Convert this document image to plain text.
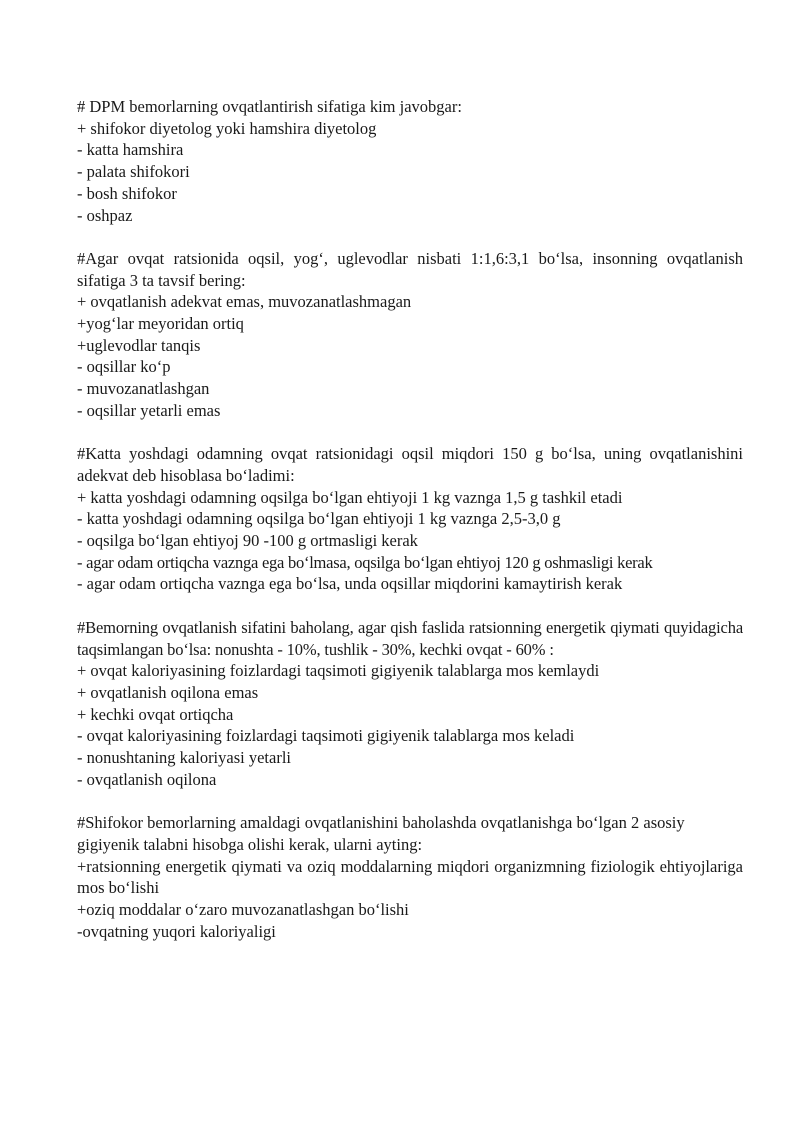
# DPM bemorlarning ovqatlantirish sifatiga kim javobgar:
+ shifokor diyetolog yoki hamshira diyetolog
- katta hamshira
- palata shifokori
- bosh shifokor
- oshpaz
#Agar ovqat ratsionida oqsil, yog‘, uglevodlar nisbati 1:1,6:3,1 bo‘lsa, insonning ovqatlanish sifatiga 3 ta tavsif bering:
+ ovqatlanish adekvat emas, muvozanatlashmagan
+yog‘lar meyoridan ortiq
+uglevodlar tanqis
- oqsillar ko‘p
- muvozanatlashgan
- oqsillar yetarli emas
#Katta yoshdagi odamning ovqat ratsionidagi oqsil miqdori 150 g bo‘lsa, uning ovqatlanishini adekvat deb hisoblasa bo‘ladimi:
+ katta yoshdagi odamning oqsilga bo‘lgan ehtiyoji 1 kg vaznga 1,5 g tashkil etadi
- katta yoshdagi odamning oqsilga bo‘lgan ehtiyoji 1 kg vaznga 2,5-3,0 g
- oqsilga bo‘lgan ehtiyoj 90 -100 g ortmasligi kerak
- agar odam ortiqcha vaznga ega bo‘lmasa, oqsilga bo‘lgan ehtiyoj 120 g oshmasligi kerak
- agar odam ortiqcha vaznga ega bo‘lsa, unda oqsillar miqdorini kamaytirish kerak
#Bemorning ovqatlanish sifatini baholang, agar qish faslida ratsionning energetik qiymati quyidagicha taqsimlangan bo‘lsa: nonushta - 10%, tushlik - 30%, kechki ovqat - 60% :
+ ovqat kaloriyasining foizlardagi taqsimoti gigiyenik talablarga mos kemlaydi
+ ovqatlanish oqilona emas
+ kechki ovqat ortiqcha
- ovqat kaloriyasining foizlardagi taqsimoti gigiyenik talablarga mos keladi
- nonushtaning kaloriyasi yetarli
- ovqatlanish oqilona
#Shifokor bemorlarning amaldagi ovqatlanishini baholashda ovqatlanishga bo‘lgan 2 asosiy gigiyenik talabni hisobga olishi kerak, ularni ayting:
+ratsionning energetik qiymati va oziq moddalarning miqdori organizmning fiziologik ehtiyojlariga mos bo‘lishi
+oziq moddalar o‘zaro muvozanatlashgan bo‘lishi
-ovqatning yuqori kaloriyaligi
